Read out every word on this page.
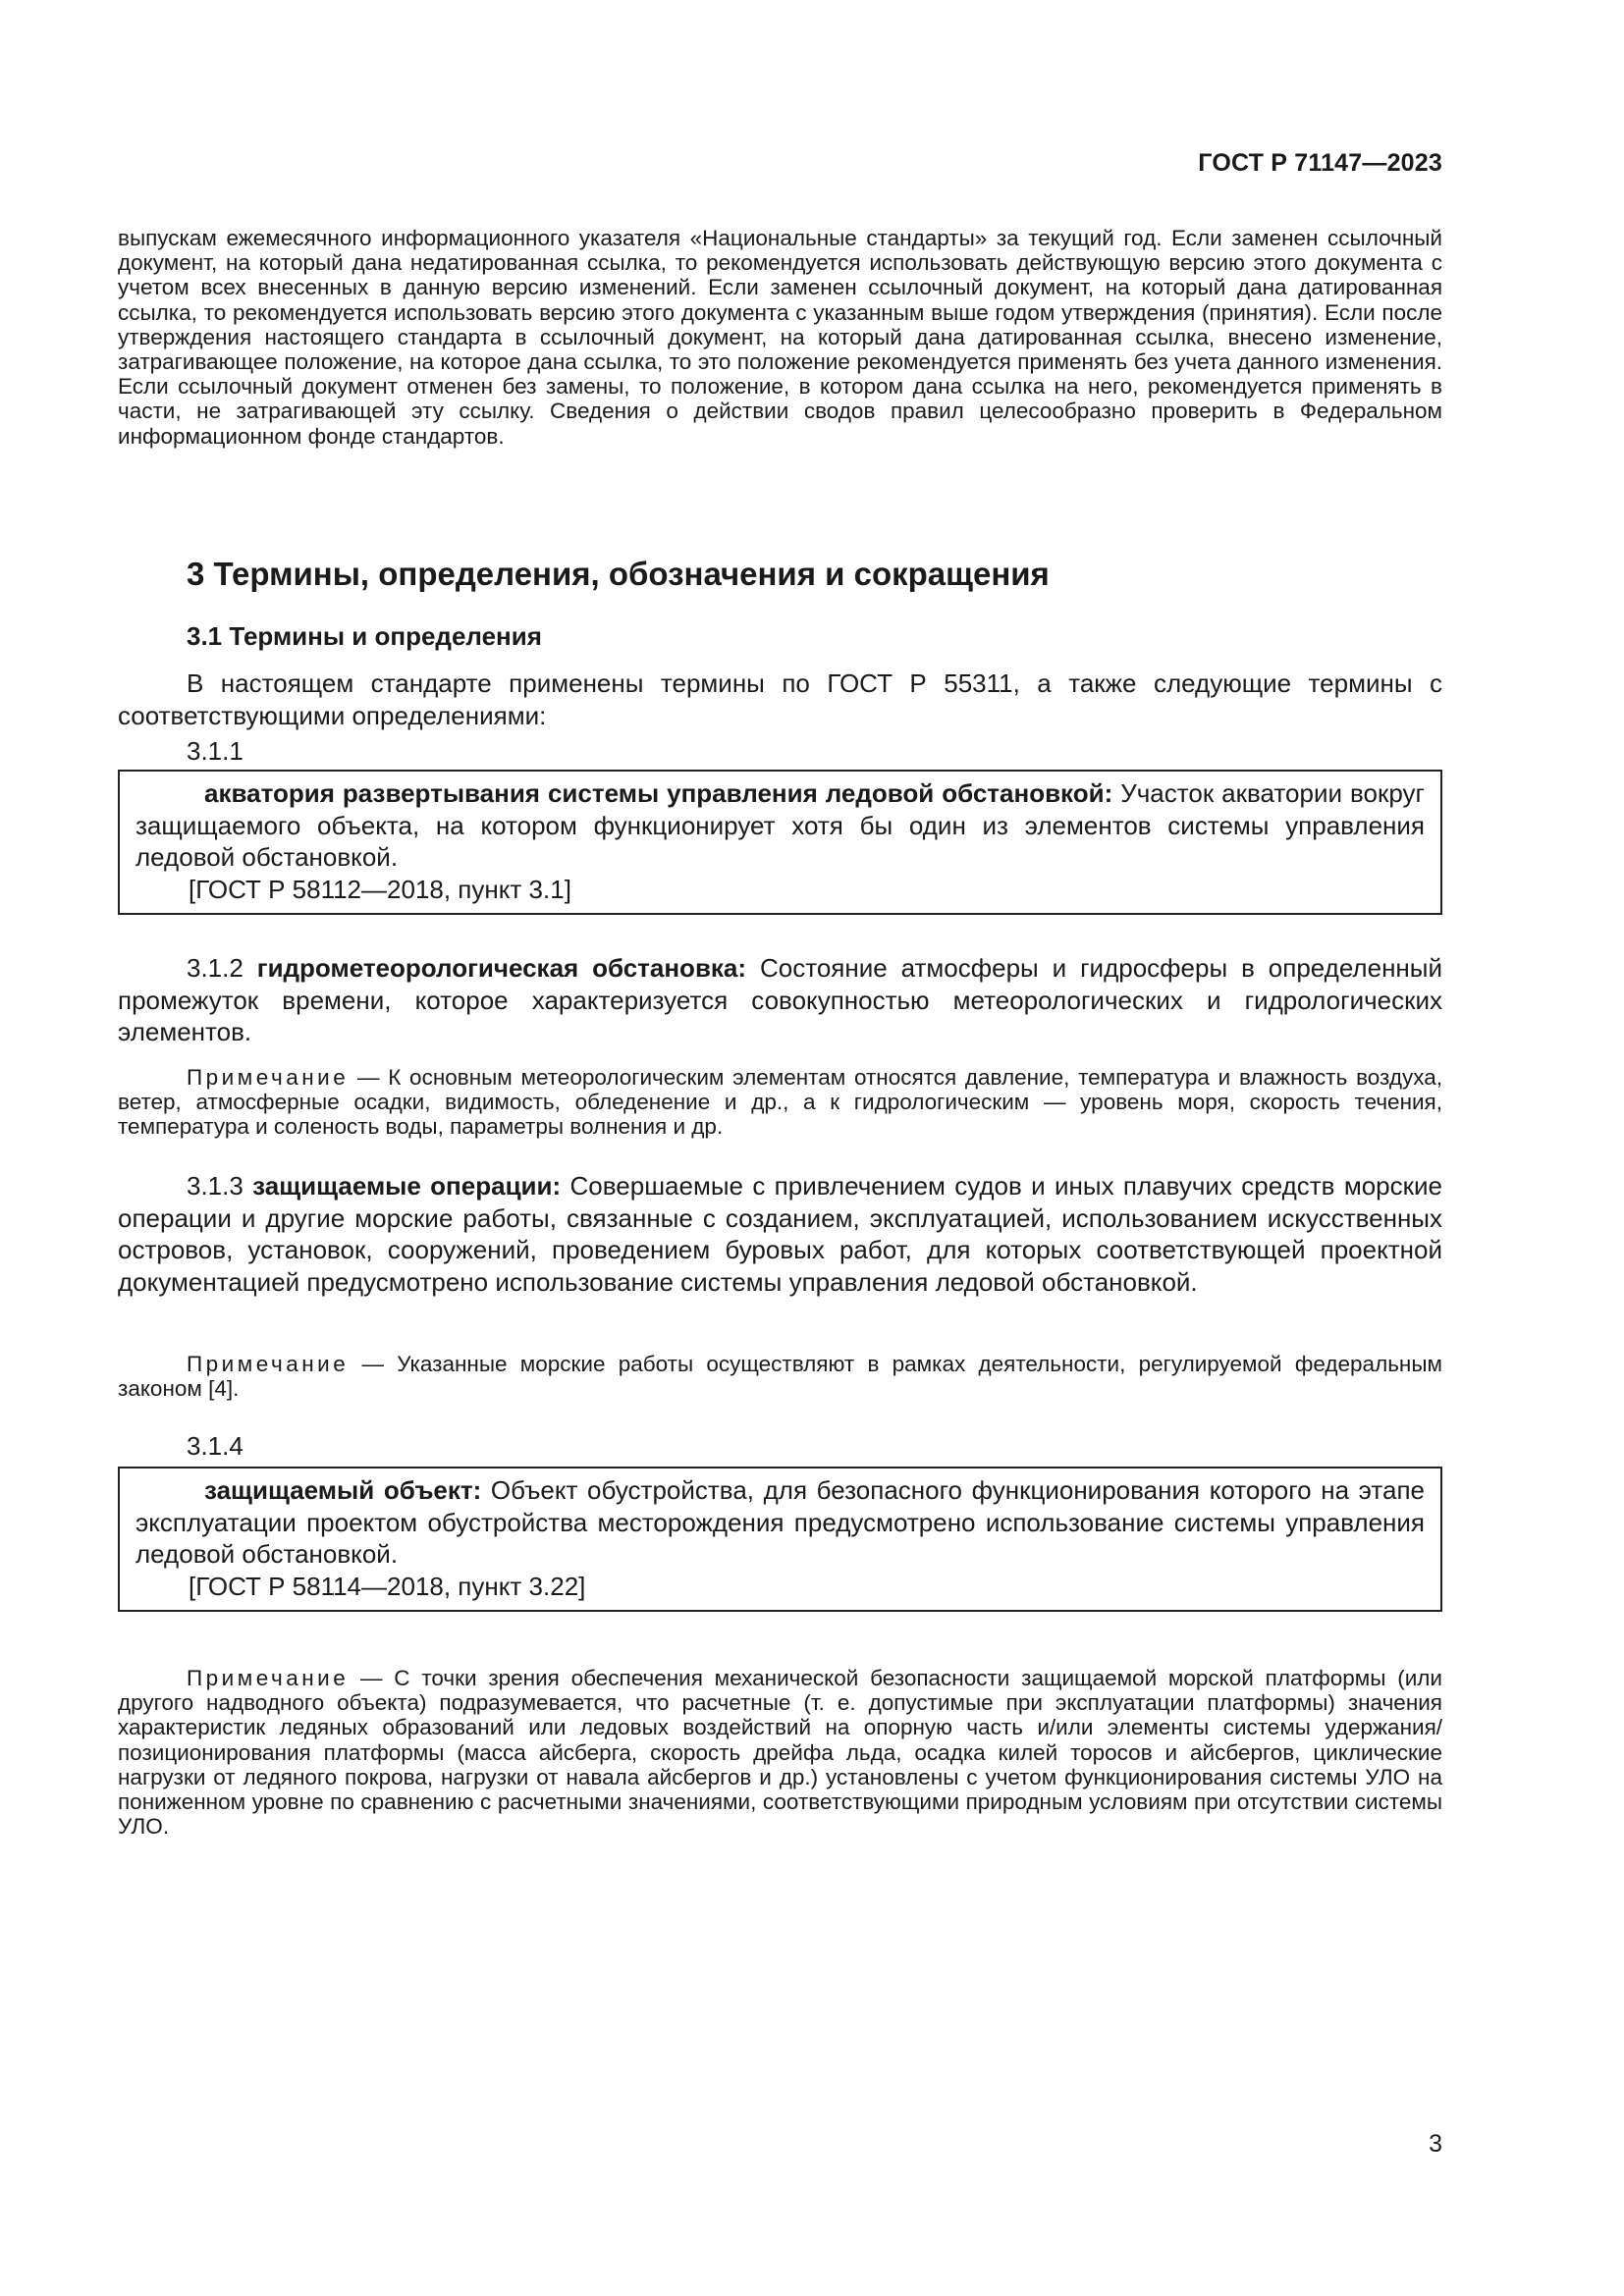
ГОСТ Р 71147—2023

выпускам ежемесячного информационного указателя «Национальные стандарты» за текущий год. Если заменен ссылочный документ, на который дана недатированная ссылка, то рекомендуется использовать действующую версию этого документа с учетом всех внесенных в данную версию изменений. Если заменен ссылочный документ, на который дана датированная ссылка, то рекомендуется использовать версию этого документа с указанным выше годом утверждения (принятия). Если после утверждения настоящего стандарта в ссылочный документ, на который дана датированная ссылка, внесено изменение, затрагивающее положение, на которое дана ссылка, то это положение рекомендуется применять без учета данного изменения. Если ссылочный документ отменен без замены, то положение, в котором дана ссылка на него, рекомендуется применять в части, не затрагивающей эту ссылку. Сведения о действии сводов правил целесообразно проверить в Федеральном информационном фонде стандартов.

3 Термины, определения, обозначения и сокращения
3.1 Термины и определения

В настоящем стандарте применены термины по ГОСТ Р 55311, а также следующие термины с соответствующими определениями:

3.1.1

акватория развертывания системы управления ледовой обстановкой: Участок акватории вокруг защищаемого объекта, на котором функционирует хотя бы один из элементов системы управления ледовой обстановкой.

[ГОСТ Р 58112—2018, пункт 3.1]

3.1.2 гидрометеорологическая обстановка: Состояние атмосферы и гидросферы в определенный промежуток времени, которое характеризуется совокупностью метеорологических и гидрологических элементов.

Примечание — К основным метеорологическим элементам относятся давление, температура и влажность воздуха, ветер, атмосферные осадки, видимость, обледенение и др., а к гидрологическим — уровень моря, скорость течения, температура и соленость воды, параметры волнения и др.

3.1.3 защищаемые операции: Совершаемые с привлечением судов и иных плавучих средств морские операции и другие морские работы, связанные с созданием, эксплуатацией, использованием искусственных островов, установок, сооружений, проведением буровых работ, для которых соответствующей проектной документацией предусмотрено использование системы управления ледовой обстановкой.

Примечание — Указанные морские работы осуществляют в рамках деятельности, регулируемой федеральным законом [4].

3.1.4

защищаемый объект: Объект обустройства, для безопасного функционирования которого на этапе эксплуатации проектом обустройства месторождения предусмотрено использование системы управления ледовой обстановкой.

[ГОСТ Р 58114—2018, пункт 3.22]

Примечание — С точки зрения обеспечения механической безопасности защищаемой морской платформы (или другого надводного объекта) подразумевается, что расчетные (т. е. допустимые при эксплуатации платформы) значения характеристик ледяных образований или ледовых воздействий на опорную часть и/или элементы системы удержания/позиционирования платформы (масса айсберга, скорость дрейфа льда, осадка килей торосов и айсбергов, циклические нагрузки от ледяного покрова, нагрузки от навала айсбергов и др.) установлены с учетом функционирования системы УЛО на пониженном уровне по сравнению с расчетными значениями, соответствующими природным условиям при отсутствии системы УЛО.

3
